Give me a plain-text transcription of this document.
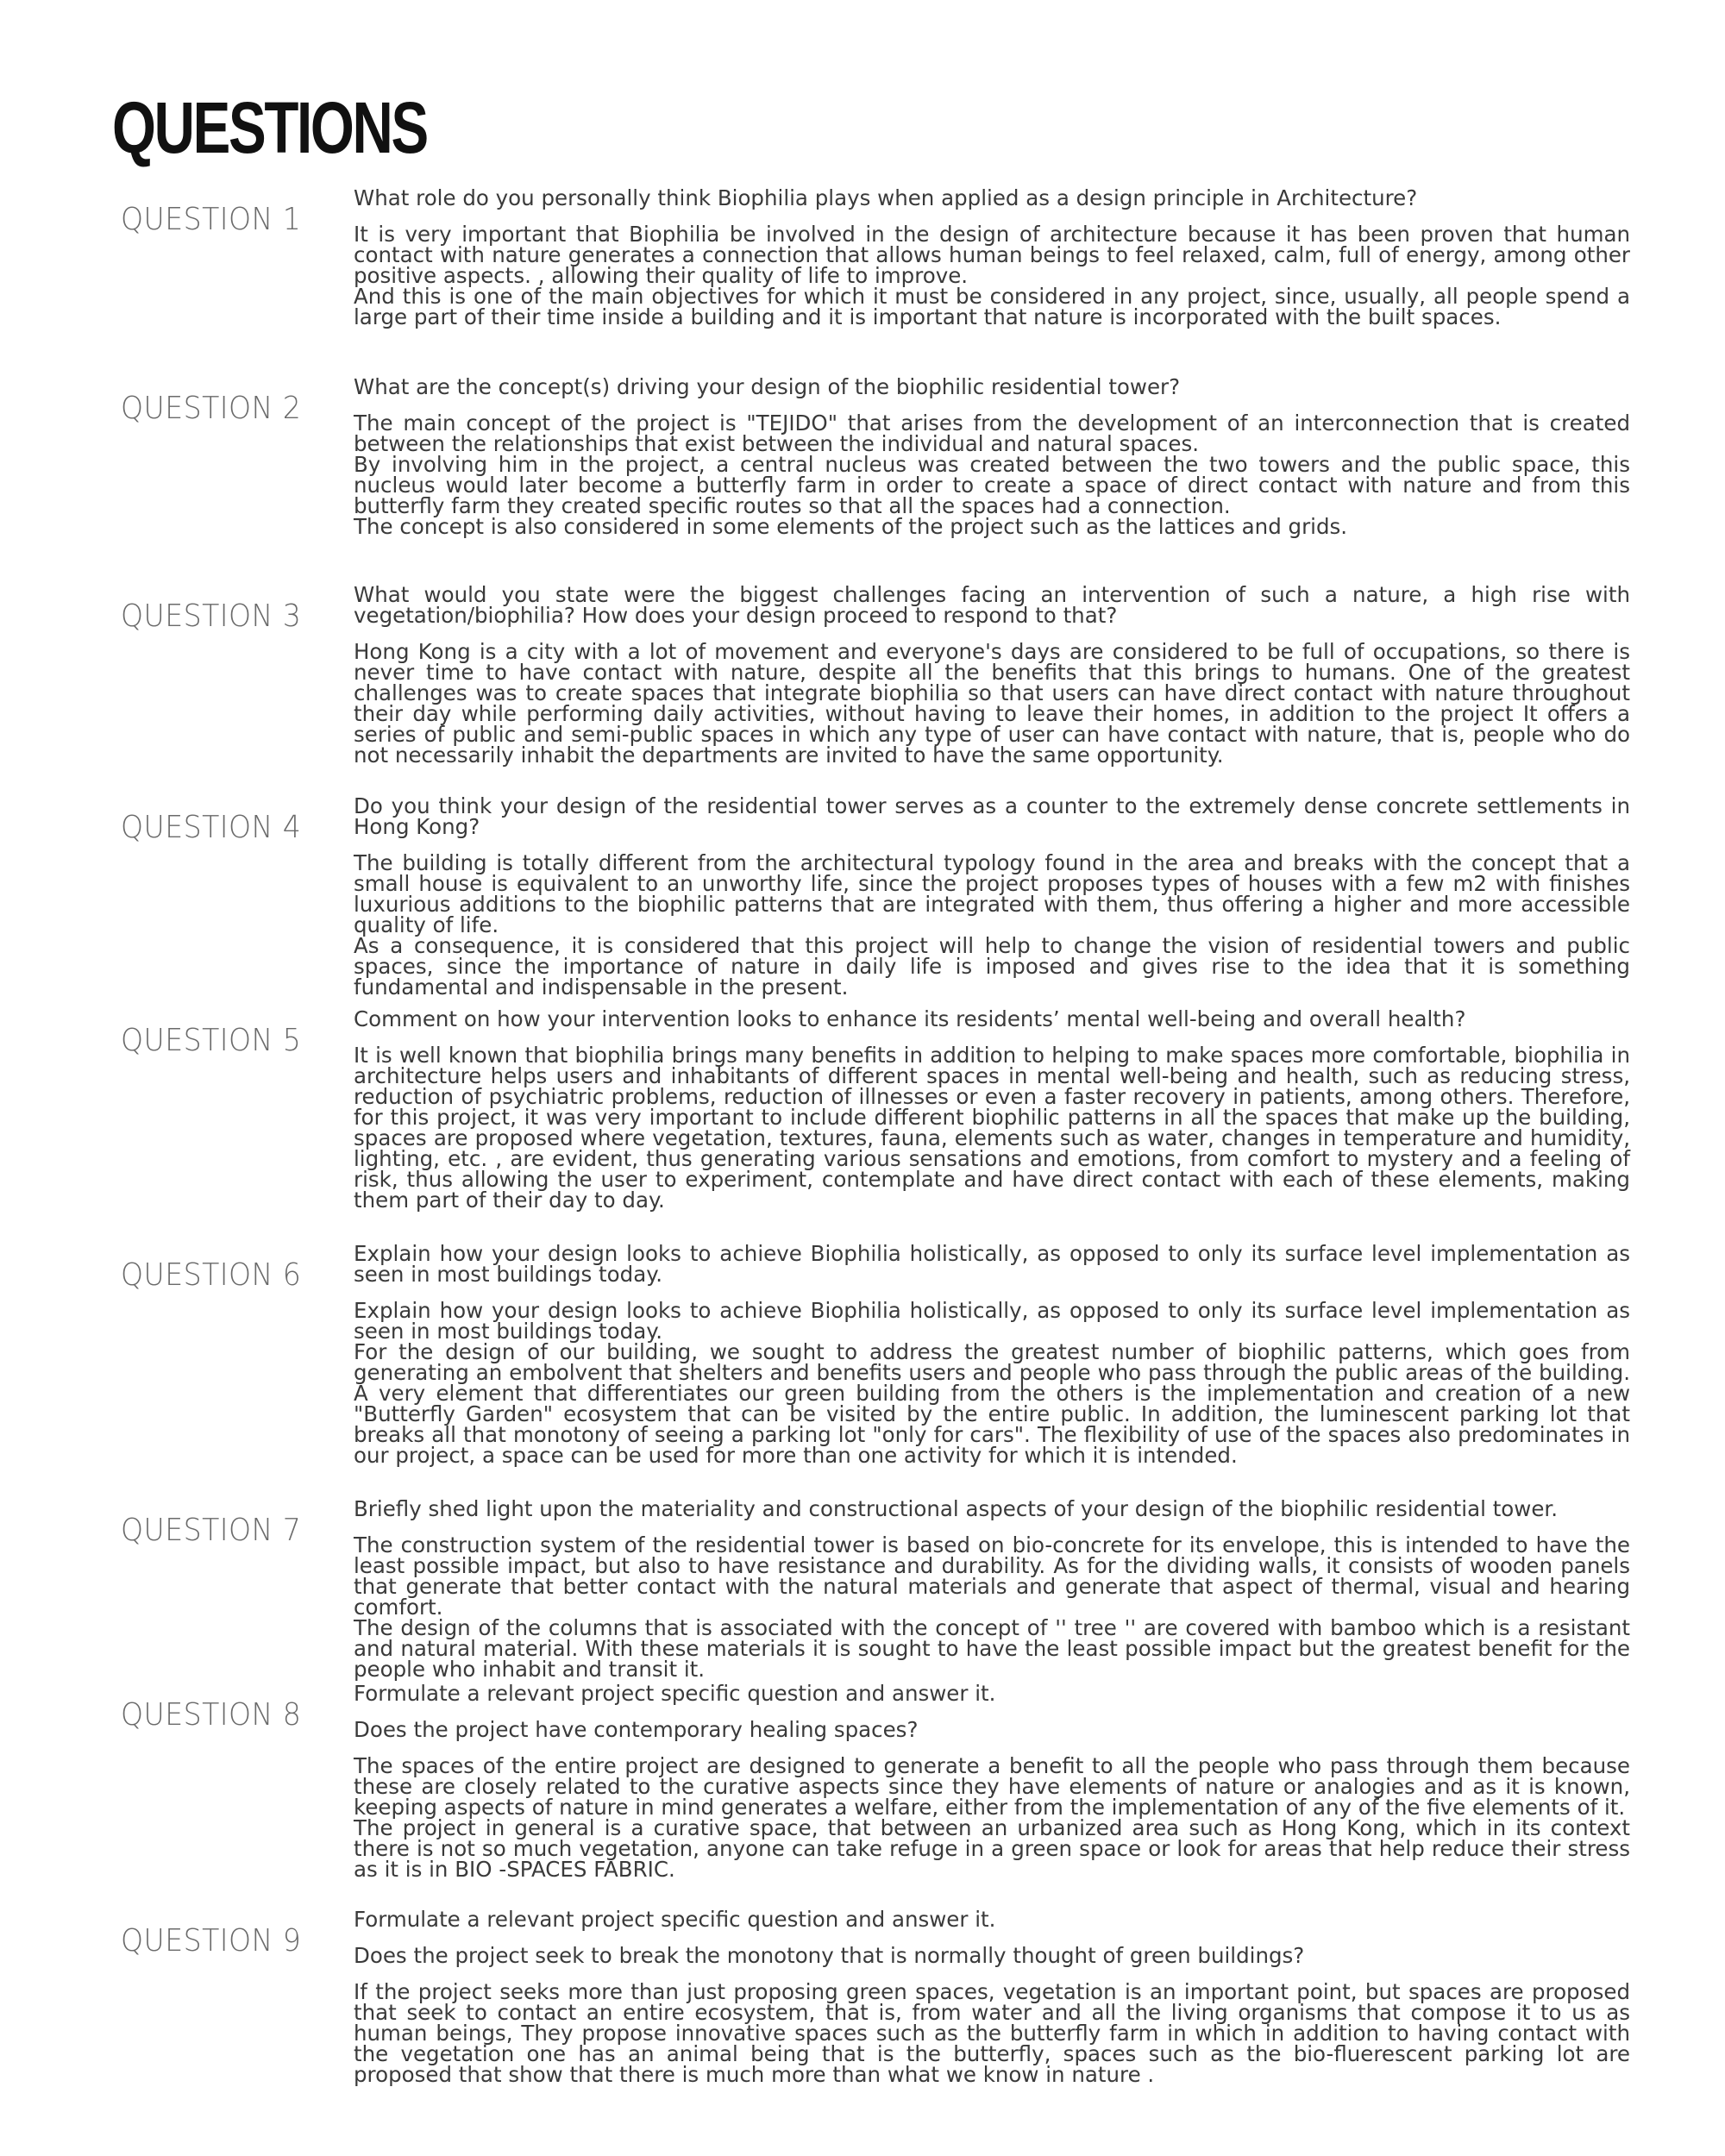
QUESTIONS
QUESTION 1

What role do you personally think Biophilia plays when applied as a design principle in Architecture?

It is very important that Biophilia be involved in the design of architecture because it has been proven that human contact with nature generates a connection that allows human beings to feel relaxed, calm, full of energy, among other positive aspects. , allowing their quality of life to improve.
And this is one of the main objectives for which it must be considered in any project, since, usually, all people spend a large part of their time inside a building and it is important that nature is incorporated with the built spaces.

QUESTION 2

What are the concept(s) driving your design of the biophilic residential tower?

The main concept of the project is "TEJIDO" that arises from the development of an interconnection that is created between the relationships that exist between the individual and natural spaces.
By involving him in the project, a central nucleus was created between the two towers and the public space, this nucleus would later become a butterfly farm in order to create a space of direct contact with nature and from this butterfly farm they created specific routes so that all the spaces had a connection.
The concept is also considered in some elements of the project such as the lattices and grids.

QUESTION 3

What would you state were the biggest challenges facing an intervention of such a nature, a high rise with vegetation/biophilia? How does your design proceed to respond to that?

Hong Kong is a city with a lot of movement and everyone's days are considered to be full of occupations, so there is never time to have contact with nature, despite all the benefits that this brings to humans. One of the greatest challenges was to create spaces that integrate biophilia so that users can have direct contact with nature throughout their day while performing daily activities, without having to leave their homes, in addition to the project It offers a series of public and semi-public spaces in which any type of user can have contact with nature, that is, people who do not necessarily inhabit the departments are invited to have the same opportunity.

QUESTION 4

Do you think your design of the residential tower serves as a counter to the extremely dense concrete settlements in Hong Kong?

The building is totally different from the architectural typology found in the area and breaks with the concept that a small house is equivalent to an unworthy life, since the project proposes types of houses with a few m2 with finishes luxurious additions to the biophilic patterns that are integrated with them, thus offering a higher and more accessible quality of life.
As a consequence, it is considered that this project will help to change the vision of residential towers and public spaces, since the importance of nature in daily life is imposed and gives rise to the idea that it is something fundamental and indispensable in the present.

QUESTION 5

Comment on how your intervention looks to enhance its residents’ mental well-being and overall health?

It is well known that biophilia brings many benefits in addition to helping to make spaces more comfortable, biophilia in architecture helps users and inhabitants of different spaces in mental well-being and health, such as reducing stress, reduction of psychiatric problems, reduction of illnesses or even a faster recovery in patients, among others. Therefore, for this project, it was very important to include different biophilic patterns in all the spaces that make up the building, spaces are proposed where vegetation, textures, fauna, elements such as water, changes in temperature and humidity, lighting, etc. , are evident, thus generating various sensations and emotions, from comfort to mystery and a feeling of risk, thus allowing the user to experiment, contemplate and have direct contact with each of these elements, making them part of their day to day.

QUESTION 6

Explain how your design looks to achieve Biophilia holistically, as opposed to only its surface level implementation as seen in most buildings today.

Explain how your design looks to achieve Biophilia holistically, as opposed to only its surface level implementation as seen in most buildings today.
For the design of our building, we sought to address the greatest number of biophilic patterns, which goes from generating an embolvent that shelters and benefits users and people who pass through the public areas of the building. A very element that differentiates our green building from the others is the implementation and creation of a new "Butterfly Garden" ecosystem that can be visited by the entire public. In addition, the luminescent parking lot that breaks all that monotony of seeing a parking lot "only for cars". The flexibility of use of the spaces also predominates in our project, a space can be used for more than one activity for which it is intended.

QUESTION 7

Briefly shed light upon the materiality and constructional aspects of your design of the biophilic residential tower.

The construction system of the residential tower is based on bio-concrete for its envelope, this is intended to have the least possible impact, but also to have resistance and durability. As for the dividing walls, it consists of wooden panels that generate that better contact with the natural materials and generate that aspect of thermal, visual and hearing comfort.
The design of the columns that is associated with the concept of '' tree '' are covered with bamboo which is a resistant and natural material. With these materials it is sought to have the least possible impact but the greatest benefit for the people who inhabit and transit it.

QUESTION 8

Formulate a relevant project specific question and answer it.

Does the project have contemporary healing spaces?

The spaces of the entire project are designed to generate a benefit to all the people who pass through them because these are closely related to the curative aspects since they have elements of nature or analogies and as it is known, keeping aspects of nature in mind generates a welfare, either from the implementation of any of the five elements of it.
The project in general is a curative space, that between an urbanized area such as Hong Kong, which in its context there is not so much vegetation, anyone can take refuge in a green space or look for areas that help reduce their stress as it is in BIO -SPACES FABRIC.

QUESTION 9

Formulate a relevant project specific question and answer it.

Does the project seek to break the monotony that is normally thought of green buildings?

If the project seeks more than just proposing green spaces, vegetation is an important point, but spaces are proposed that seek to contact an entire ecosystem, that is, from water and all the living organisms that compose it to us as human beings, They propose innovative spaces such as the butterfly farm in which in addition to having contact with the vegetation one has an animal being that is the butterfly, spaces such as the bio-fluerescent parking lot are proposed that show that there is much more than what we know in nature .
